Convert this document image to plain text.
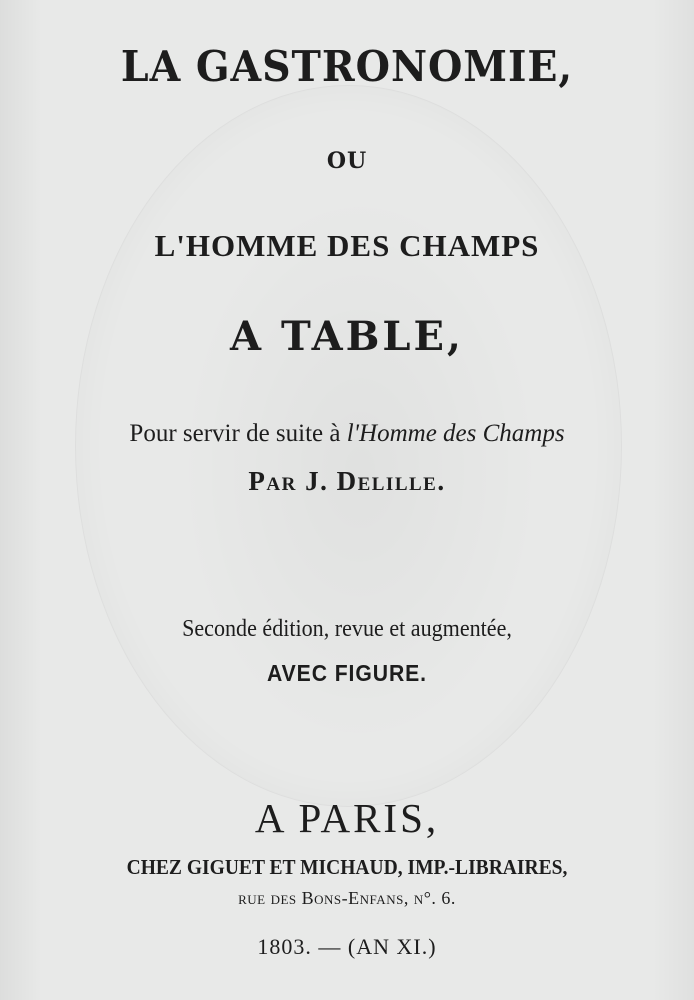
LA GASTRONOMIE,
OU
L'HOMME DES CHAMPS
A TABLE,
Pour servir de suite à l'Homme des Champs
Par J. Delille.
Seconde édition, revue et augmentée,
AVEC FIGURE.
A PARIS,
CHEZ GIGUET ET MICHAUD, IMP.-LIBRAIRES,
rue des Bons-Enfans, n°. 6.
1803. — (AN XI.)
